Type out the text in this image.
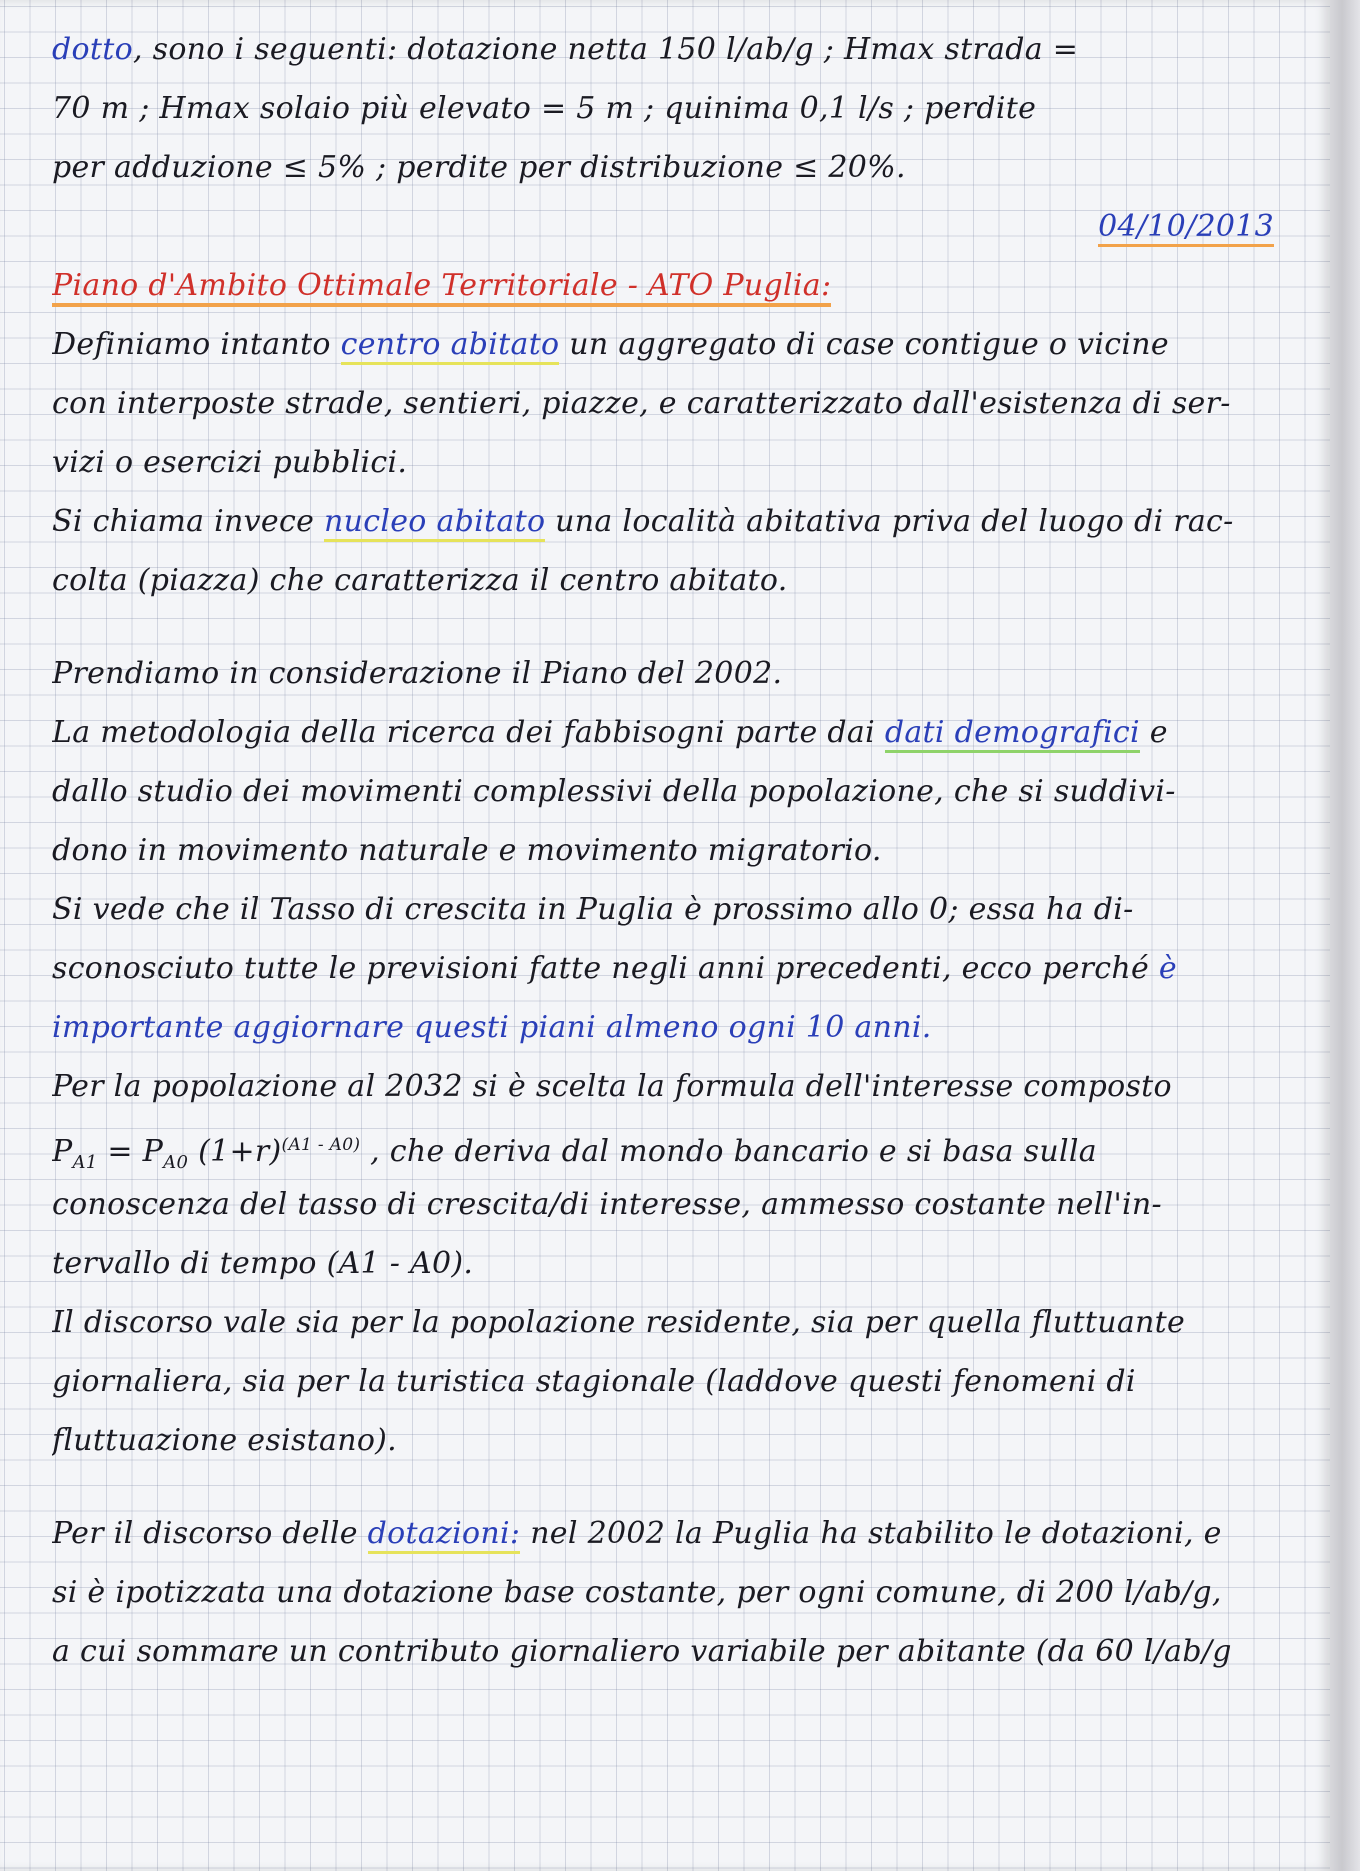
dotto, sono i seguenti: dotazione netta 150 l/ab/g ; Hmax strada =
70 m ; Hmax solaio più elevato = 5 m ; quinima 0,1 l/s ; perdite
per adduzione ≤ 5% ; perdite per distribuzione ≤ 20%.
04/10/2013
Piano d'Ambito Ottimale Territoriale - ATO Puglia:
Definiamo intanto centro abitato un aggregato di case contigue o vicine
con interposte strade, sentieri, piazze, e caratterizzato dall'esistenza di ser-
vizi o esercizi pubblici.
Si chiama invece nucleo abitato una località abitativa priva del luogo di rac-
colta (piazza) che caratterizza il centro abitato.
Prendiamo in considerazione il Piano del 2002.
La metodologia della ricerca dei fabbisogni parte dai dati demografici e
dallo studio dei movimenti complessivi della popolazione, che si suddivi-
dono in movimento naturale e movimento migratorio.
Si vede che il Tasso di crescita in Puglia è prossimo allo 0; essa ha di-
sconosciuto tutte le previsioni fatte negli anni precedenti, ecco perché è
importante aggiornare questi piani almeno ogni 10 anni.
Per la popolazione al 2032 si è scelta la formula dell'interesse composto
$P_{A1} = P_{A0}$ $(1+r)^{(A1 - A0)}$ , che deriva dal mondo bancario e si basa sulla
conoscenza del tasso di crescita/di interesse, ammesso costante nell'in-
tervallo di tempo (A1 - A0).
Il discorso vale sia per la popolazione residente, sia per quella fluttuante
giornaliera, sia per la turistica stagionale (laddove questi fenomeni di
fluttuazione esistano).
Per il discorso delle dotazioni: nel 2002 la Puglia ha stabilito le dotazioni, e
si è ipotizzata una dotazione base costante, per ogni comune, di 200 l/ab/g,
a cui sommare un contributo giornaliero variabile per abitante (da 60 l/ab/g
